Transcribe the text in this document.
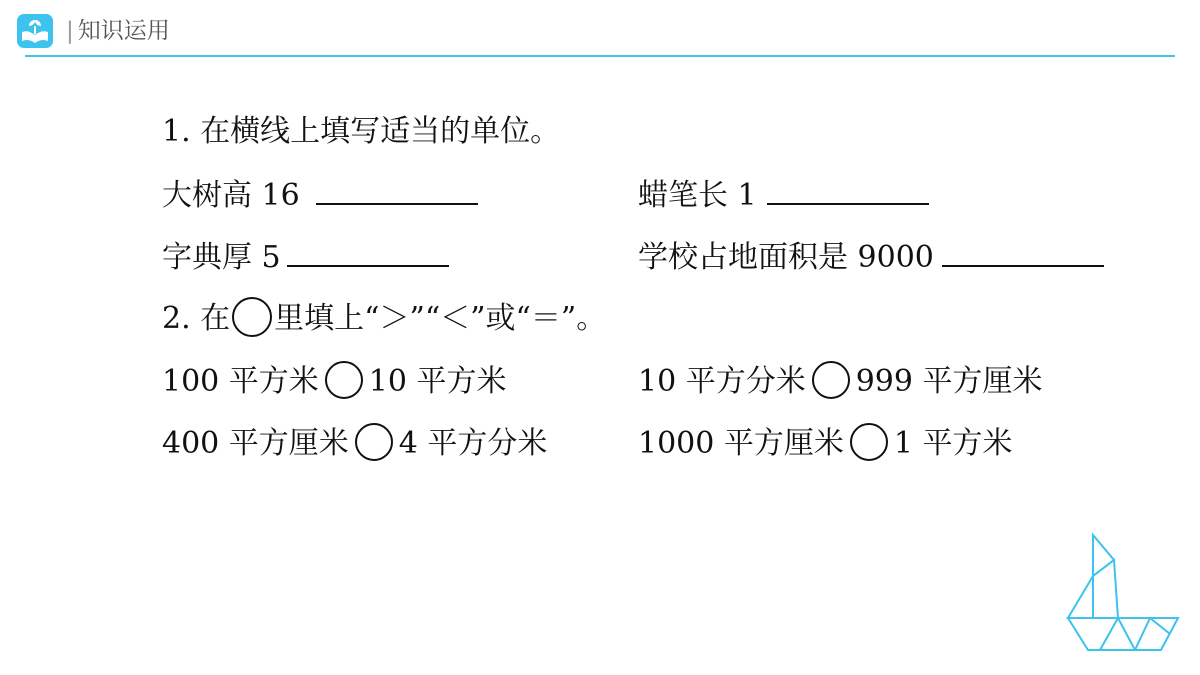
| 知识运用
1. 在横线上填写适当的单位。
大树高 16	蜡笔长 1
字典厚 5	学校占地面积是 9000
2. 在 里填上“＞”“＜”或“＝”。
100 平方米 10 平方米	10 平方分米 999 平方厘米
400 平方厘米 4 平方分米	1000 平方厘米 1 平方米
